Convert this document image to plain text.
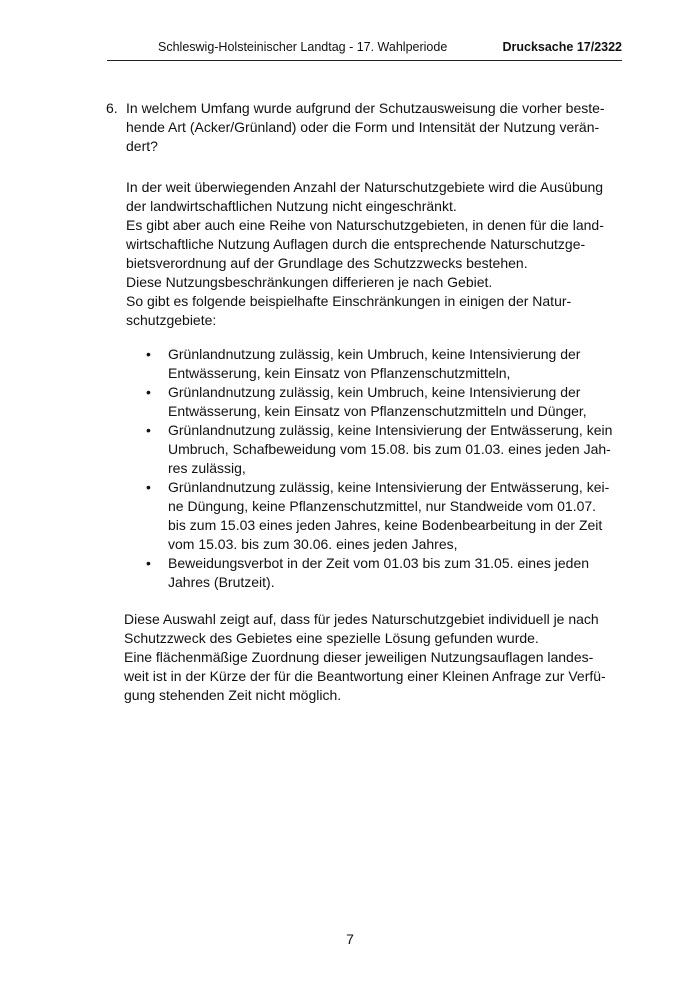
Schleswig-Holsteinischer Landtag - 17. Wahlperiode	Drucksache 17/2322
6. In welchem Umfang wurde aufgrund der Schutzausweisung die vorher beste-
hende Art (Acker/Grünland) oder die Form und Intensität der Nutzung verän-
dert?
In der weit überwiegenden Anzahl der Naturschutzgebiete wird die Ausübung
der landwirtschaftlichen Nutzung nicht eingeschränkt.
Es gibt aber auch eine Reihe von Naturschutzgebieten, in denen für die land-
wirtschaftliche Nutzung Auflagen durch die entsprechende Naturschutzge-
bietsverordnung auf der Grundlage des Schutzzwecks bestehen.
Diese Nutzungsbeschränkungen differieren je nach Gebiet.
So gibt es folgende beispielhafte Einschränkungen in einigen der Natur-
schutzgebiete:
• Grünlandnutzung zulässig, kein Umbruch, keine Intensivierung der
Entwässerung, kein Einsatz von Pflanzenschutzmitteln,
• Grünlandnutzung zulässig, kein Umbruch, keine Intensivierung der
Entwässerung, kein Einsatz von Pflanzenschutzmitteln und Dünger,
• Grünlandnutzung zulässig, keine Intensivierung der Entwässerung, kein
Umbruch, Schafbeweidung vom 15.08. bis zum 01.03. eines jeden Jah-
res zulässig,
• Grünlandnutzung zulässig, keine Intensivierung der Entwässerung, kei-
ne Düngung, keine Pflanzenschutzmittel, nur Standweide vom 01.07.
bis zum 15.03 eines jeden Jahres, keine Bodenbearbeitung in der Zeit
vom 15.03. bis zum 30.06. eines jeden Jahres,
• Beweidungsverbot in der Zeit vom 01.03 bis zum 31.05. eines jeden
Jahres (Brutzeit).
Diese Auswahl zeigt auf, dass für jedes Naturschutzgebiet individuell je nach
Schutzzweck des Gebietes eine spezielle Lösung gefunden wurde.
Eine flächenmäßige Zuordnung dieser jeweiligen Nutzungsauflagen landes-
weit ist in der Kürze der für die Beantwortung einer Kleinen Anfrage zur Verfü-
gung stehenden Zeit nicht möglich.
7
